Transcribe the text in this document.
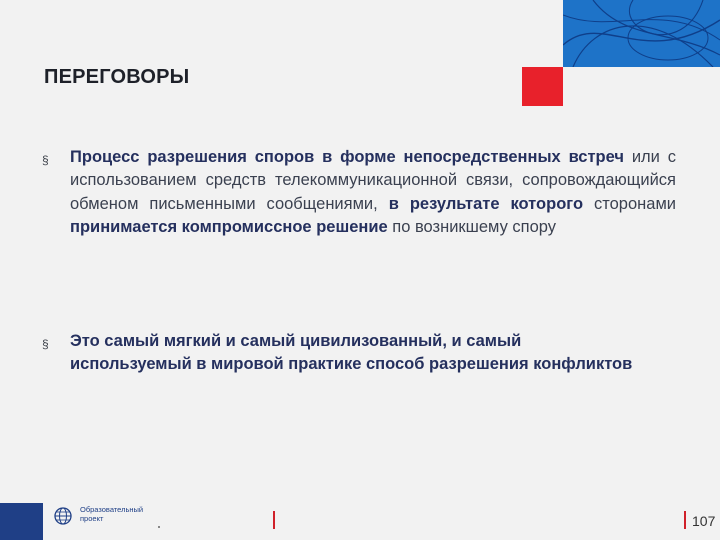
ПЕРЕГОВОРЫ
§ Процесс разрешения споров в форме непосредственных встреч или с использованием средств телекоммуникационной связи, сопровождающийся обменом письменными сообщениями, в результате которого сторонами принимается компромиссное решение по возникшему спору
§ Это самый мягкий и самый цивилизованный, и самый используемый в мировой практике способ разрешения конфликтов
Образовательный
проект	107
